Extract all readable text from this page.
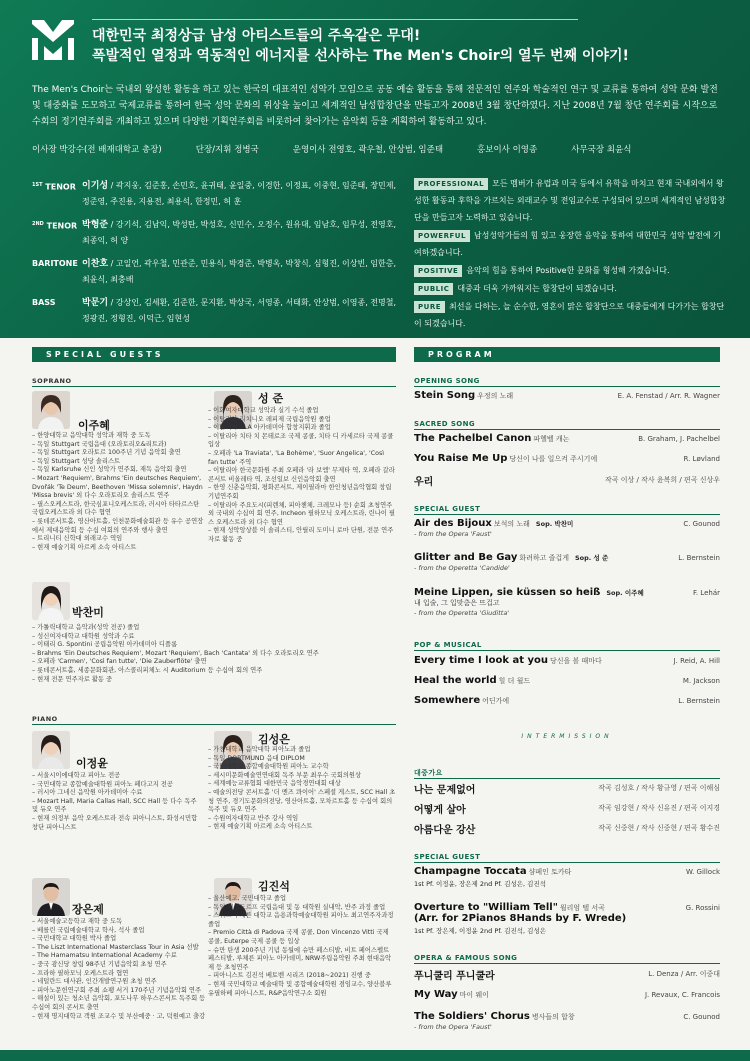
대한민국 최정상급 남성 아티스트들의 주옥같은 무대!
폭발적인 열정과 역동적인 에너지를 선사하는 The Men's Choir의 열두 번째 이야기!

The Men's Choir는 국내외 왕성한 활동을 하고 있는 한국의 대표적인 성악가 모임으로 공동 예술 활동을 통해 전문적인 연주와 학술적인 연구 및 교류를 통하여 성악 문화 발전 및 대중화를 도모하고 국제교류를 통하여 한국 성악 문화의 위상을 높이고 세계적인 남성합창단을 만들고자 2008년 3월 창단하였다. 지난 2008년 7월 창단 연주회를 시작으로 수회의 정기연주회를 개최하고 있으며 다양한 기획연주회를 비롯하여 찾아가는 음악회 등을 계획하여 활동하고 있다.

이사장 박강수(전 배재대학교 총장)	단장/지휘 정병국	운영이사 전영호, 곽우철, 안상범, 임준태	홍보이사 이영종	사무국장 최윤식
$^{1ST}$ TENOR 이기성 / 곽지웅, 김준홍, 손민호, 윤귀태, 윤일중, 이경한, 이정표, 이중현, 임준태, 장민제, 정준영, 주진용, 지용전, 최용석, 한정민, 허 훈
$^{2ND}$ TENOR 박형준 / 강기석, 김남익, 박성탄, 박성호, 신민수, 오정수, 원유대, 임남호, 임무성, 전영호, 최종익, 허 양
BARITONE 이찬호 / 고일언, 곽우철, 민관준, 민용식, 박경준, 박병옥, 박창식, 심형진, 이상빈, 임한층, 최윤식, 최충배
BASS	박문기 / 강상인, 김세환, 김준한, 문지환, 박상국, 서영종, 서태화, 안상범, 이영종, 전명철, 정광진, 정형진, 이덕근, 임현성

PROFESSIONAL 모든 멤버가 유럽과 미국 등에서 유학을 마치고 현재 국내외에서 왕성한 활동과 후학을 가르치는 외래교수 및 전임교수로 구성되어 있으며 세계적인 남성합창단을 만들고자 노력하고 있습니다.

POWERFUL 남성성악가들의 힘 있고 웅장한 음악을 통하여 대한민국 성악 발전에 기여하겠습니다.

POSITIVE 음악의 힘을 통하여 Positive한 문화를 형성해 가겠습니다.

PUBLIC 대중과 더욱 가까워지는 합창단이 되겠습니다.

PURE 최선을 다하는, 늘 순수한, 영혼이 맑은 합창단으로 대중들에게 다가가는 합창단이 되겠습니다.

SPECIAL GUESTS
SOPRANO
이주혜
– 한양대학교 음악대학 성악과 재학 중 도독
– 독일 Stuttgart 국립음대 (오라토리오&리트과)
– 독일 Stuttgart 오라토르 100주년 기념 음악회 출연
– 독일 Stuttgart 성당 솔리스트
– 독일 Karlsruhe 신인 성악가 연주회, 재독 음악회 출연
– Mozart 'Requiem', Brahms 'Ein deutsches Requiem', Dvořák 'Te Deum', Beethoven 'Missa solemnis', Haydn 'Missa brevis' 외 다수 오라토리오 솔리스트 연주
– 필스오케스트라, 한국심포니오케스트라, 러시아 타타르스탄 국립오케스트라 외 다수 협연
– 롯데콘서트홀, 영산아트홀, 인천문화예술회관 등 유수 공연장에서 제대음악회 등 수십 여회의 연주와 행사 출연
– 트리니티 신학대 외래교수 역임
– 현재 예술기획 아르케 소속 아티스트
성 준
– 이화여자대학교 성악과 실기 수석 졸업
– 이탈리아 리치니오 레피제 국립음악원 졸업
– 이탈리아 ALA 아카데미아 합창지휘과 졸업
– 이탈리아 치타 치 몬테로조 국제 콩쿨, 치타 디 카세르타 국제 콩쿨 입상
– 오페라 'La Traviata', 'La Bohème', 'Suor Angelica', 'Così fan tutte' 주역
– 이탈리아 한국문화원 주최 오페라 '라 보엠' 무제타 역, 오페라 갈라 콘서트 비올레타 역, 조선일보 신인음악회 출연
– 한영 신춘음악회, 평화콘서트, 제이필라마 한인청년음악협회 창립기념연주회
– 이탈리아 주요도시(피렌체, 피아첸체, 크레모나 등) 순회 초청연주 외 국내외 수십여 회 연주, Incheon 필하모닉 오케스트라, 린나이 필스 오케스트라 외 다수 협연
– 현재 성악앙상블 이 솔리스티, 안릴리 도미니 로마 단원, 전문 연주자로 활동 중
박찬미
– 가톨릭대학교 음악과(성악 전공) 졸업
– 성신여자대학교 대학원 성악과 수료
– 이태리 G. Spontini 공립음악원 아카데미아 디플롬
– Brahms 'Ein Deutsches Requiem', Mozart 'Requiem', Bach 'Cantata' 외 다수 오라토리오 연주
– 오페라 'Carmen', 'Così fan tutte', 'Die Zauberflöte' 출연
– 롯데콘서트홀, 세종문화회관, 아스콜리피체노 시 Auditorium 등 수십여 회의 연주
– 현재 전문 연주자로 활동 중
PIANO
이정윤
– 서울시이에대학교 피아노 전공
– 국민대학교 종합예술대학원 피아노 페다고지 전공
– 러시아 그네신 음악원 아카데미아 수료
– Mozart Hall, Maria Callas Hall, SCC Hall 등 다수 독주 및 듀오 연주
– 현재 의정부 음악 오케스트라 전속 피아니스트, 화성시민합창단 피아니스트
김성은
– 가천대학교 음악대학 피아노과 졸업
– 독일 DORTMUND 음대 DIPLOM
– 국민대학교 종합예술대학원 피아노 교수학
– 세시미문화예술연연대회 독주 부문 최우수 국회의원상
– 세계예능교류협회 대한민국 음악경연대회 대상
– 예술의전당 콘서트홀 '더 멘즈 콰이어' 스페셜 게스트, SCC Hall 초청 연주, 경기도문화의전당, 영산아트홀, 모차르트홀 등 수십여 회의 독주 및 듀오 연주
– 수원여자대학교 반주 강사 역임
– 현재 예술기획 아르케 소속 아티스트
장은제
– 서울예술고등학교 재학 중 도독
– 베를린 국립예술대학교 학사, 석사 졸업
– 국민대학교 대학원 박사 졸업
– The Liszt International Masterclass Tour in Asia 선발
– The Hamamatsu International Academy 수료
– 중국 광신당 창립 98주년 기념음악회 초청 연주
– 프라하 필하모닉 오케스트라 협연
– 네덜란드 대사관, 인간개발연구원 초청 연주
– 피아노문헌연구회 주최 쇼팽 서거 170주년 기념음악회 연주
– 해설이 있는 청소년 음악회, 포도나무 하우스콘서트 독주회 등 수십여 회의 콘서트 출연
– 현재 명지대학교 객원 조교수 및 부산예중 · 고, 덕원예고 출강
김진석
– 울산예고, 국민대학교 졸업
– 독일 뒤셀도르프 국립음대 및 동 대학원 실내악, 반주 과정 졸업
– 스위스 루체른 대학교 음용과학예술대학원 피아노 최고연주자과정 졸업
– Premio Città di Padova 국제 콩쿨, Don Vincenzo Vitti 국제 콩쿨, Euterpe 국제 콩쿨 등 입상
– 슈만 탄생 200주년 기념 동월에 슈만 페스티발, 비트 페어스펠트 페스티발, 루체른 피아노 아카데미, NRW주립음악원 주최 현대음악제 등 초청연주
– 피아니스트 김진석 베토벤 시리즈 (2018~2021) 진행 중
– 현재 국민대학교 예술대학 및 종합예술대학원 겸임교수, 양산블루 유필하베 피아니스트, R&P음악연구소 회원
PROGRAM
OPENING SONG
Stein Song 우정의 노래	E. A. Fenstad / Arr. R. Wagner
SACRED SONG
The Pachelbel Canon 파헬벨 캐논	B. Graham, J. Pachelbel
You Raise Me Up 당신이 나를 일으켜 주시기에	R. Løvland
우리	작곡 이상 / 작사 윤복희 / 편곡 신상우
SPECIAL GUEST
Air des Bijoux 보석의 노래 Sop. 박찬미	C. Gounod
- from the Opera 'Faust'
Glitter and Be Gay 화려하고 즐겁게 Sop. 성 준	L. Bernstein
- from the Operetta 'Candide'
Meine Lippen, sie küssen so heiß Sop. 이주혜	F. Lehár
내 입술, 그 입맞춤은 뜨겁고
- from the Operetta 'Giuditta'
POP & MUSICAL
Every time I look at you 당신을 볼 때마다	J. Reid, A. Hill
Heal the world 힐 더 월드	M. Jackson
Somewhere 어딘가에	L. Bernstein
INTERMISSION
대중가요
나는 문제없어	작곡 김성호 / 작사 황규영 / 편곡 이해심
어떻게 살아	작곡 임강현 / 작사 신유진 / 편곡 이지경
아름다운 강산	작곡 신중현 / 작사 신중현 / 편곡 황수진
SPECIAL GUEST
Champagne Toccata 샴페인 토카타	W. Gillock
1st Pf. 이정윤, 장은제 2nd Pf. 김성은, 김진석
Overture to "William Tell" 윌리엄 텔 서곡	G. Rossini
(Arr. for 2Pianos 8Hands by F. Wrede)
1st Pf. 장은제, 이정윤 2nd Pf. 김진석, 김성은
OPERA & FAMOUS SONG
푸니쿨리 푸니쿨라	L. Denza / Arr. 이중대
My Way 마이 웨이	J. Revaux, C. Francois
The Soldiers' Chorus 병사들의 합창	C. Gounod
- from the Opera 'Faust'
